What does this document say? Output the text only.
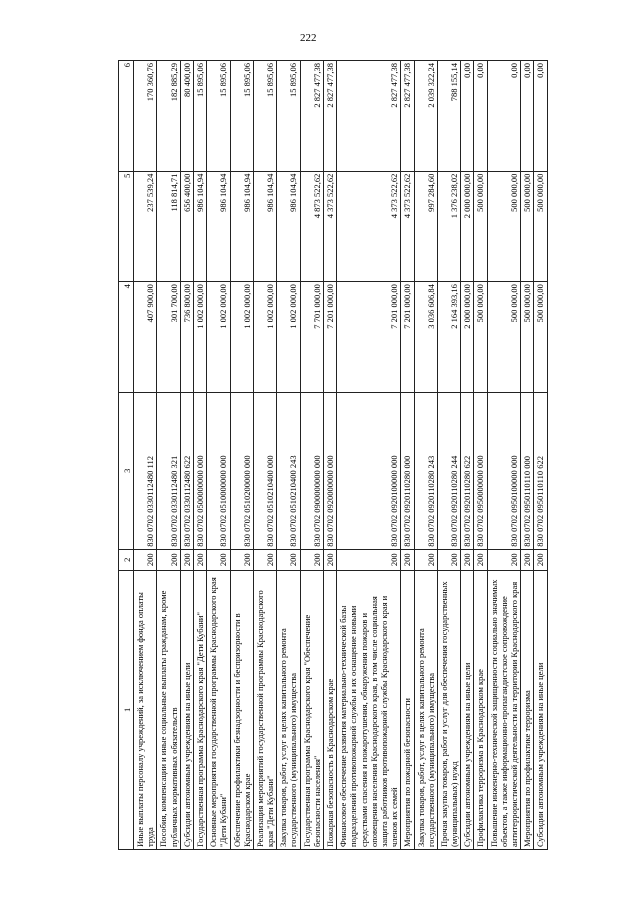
222
1	2	3	4	5	6
Иные выплаты персоналу учреждений, за исключением фонда оплаты труда	200	830 0702 0330112480 112	407 900,00	237 539,24	170 360,76
Пособия, компенсации и иные социальные выплаты гражданам, кроме публичных нормативных обязательств	200	830 0702 0330112480 321	301 700,00	118 814,71	182 885,29
Субсидии автономным учреждениям на иные цели	200	830 0702 0330112480 622	736 800,00	656 400,00	80 400,00
Государственная программа Краснодарского края "Дети Кубани"	200	830 0702 0500000000 000	1 002 000,00	986 104,94	15 895,06
Основные мероприятия государственной программы Краснодарского края "Дети Кубани"	200	830 0702 0510000000 000	1 002 000,00	986 104,94	15 895,06
Обеспечение профилактики безнадзорности и беспризорности в Краснодарском крае	200	830 0702 0510200000 000	1 002 000,00	986 104,94	15 895,06
Реализация мероприятий государственной программы Краснодарского края "Дети Кубани"	200	830 0702 0510210400 000	1 002 000,00	986 104,94	15 895,06
Закупка товаров, работ, услуг в целях капитального ремонта государственного (муниципального) имущества	200	830 0702 0510210400 243	1 002 000,00	986 104,94	15 895,06
Государственная программа Краснодарского края "Обеспечение безопасности населения"	200	830 0702 0900000000 000	7 701 000,00	4 873 522,62	2 827 477,38
Пожарная безопасность в Краснодарском крае	200	830 0702 0920000000 000	7 201 000,00	4 373 522,62	2 827 477,38
Финансовое обеспечение развития материально-технической базы подразделений противопожарной службы и их оснащение новыми средствами спасения и пожаротушения, обнаружения пожаров и оповещения населения Краснодарского края, в том числе социальная защита работников противопожарной службы Краснодарского края и членов их семей	200	830 0702 0920100000 000	7 201 000,00	4 373 522,62	2 827 477,38
Мероприятия по пожарной безопасности	200	830 0702 0920110280 000	7 201 000,00	4 373 522,62	2 827 477,38
Закупка товаров, работ, услуг в целях капитального ремонта государственного (муниципального) имущества	200	830 0702 0920110280 243	3 036 606,84	997 284,60	2 039 322,24
Прочая закупка товаров, работ и услуг для обеспечения государственных (муниципальных) нужд	200	830 0702 0920110280 244	2 164 393,16	1 376 238,02	788 155,14
Субсидии автономным учреждениям на иные цели	200	830 0702 0920110280 622	2 000 000,00	2 000 000,00	0,00
Профилактика терроризма в Краснодарском крае	200	830 0702 0950000000 000	500 000,00	500 000,00	0,00
Повышение инженерно-технической защищенности социально значимых объектов, а также информационно-пропагандистское сопровождение антитеррористической деятельности на территории Краснодарского края	200	830 0702 0950100000 000	500 000,00	500 000,00	0,00
Мероприятия по профилактике терроризма	200	830 0702 0950110110 000	500 000,00	500 000,00	0,00
Субсидии автономным учреждениям на иные цели	200	830 0702 0950110110 622	500 000,00	500 000,00	0,00
